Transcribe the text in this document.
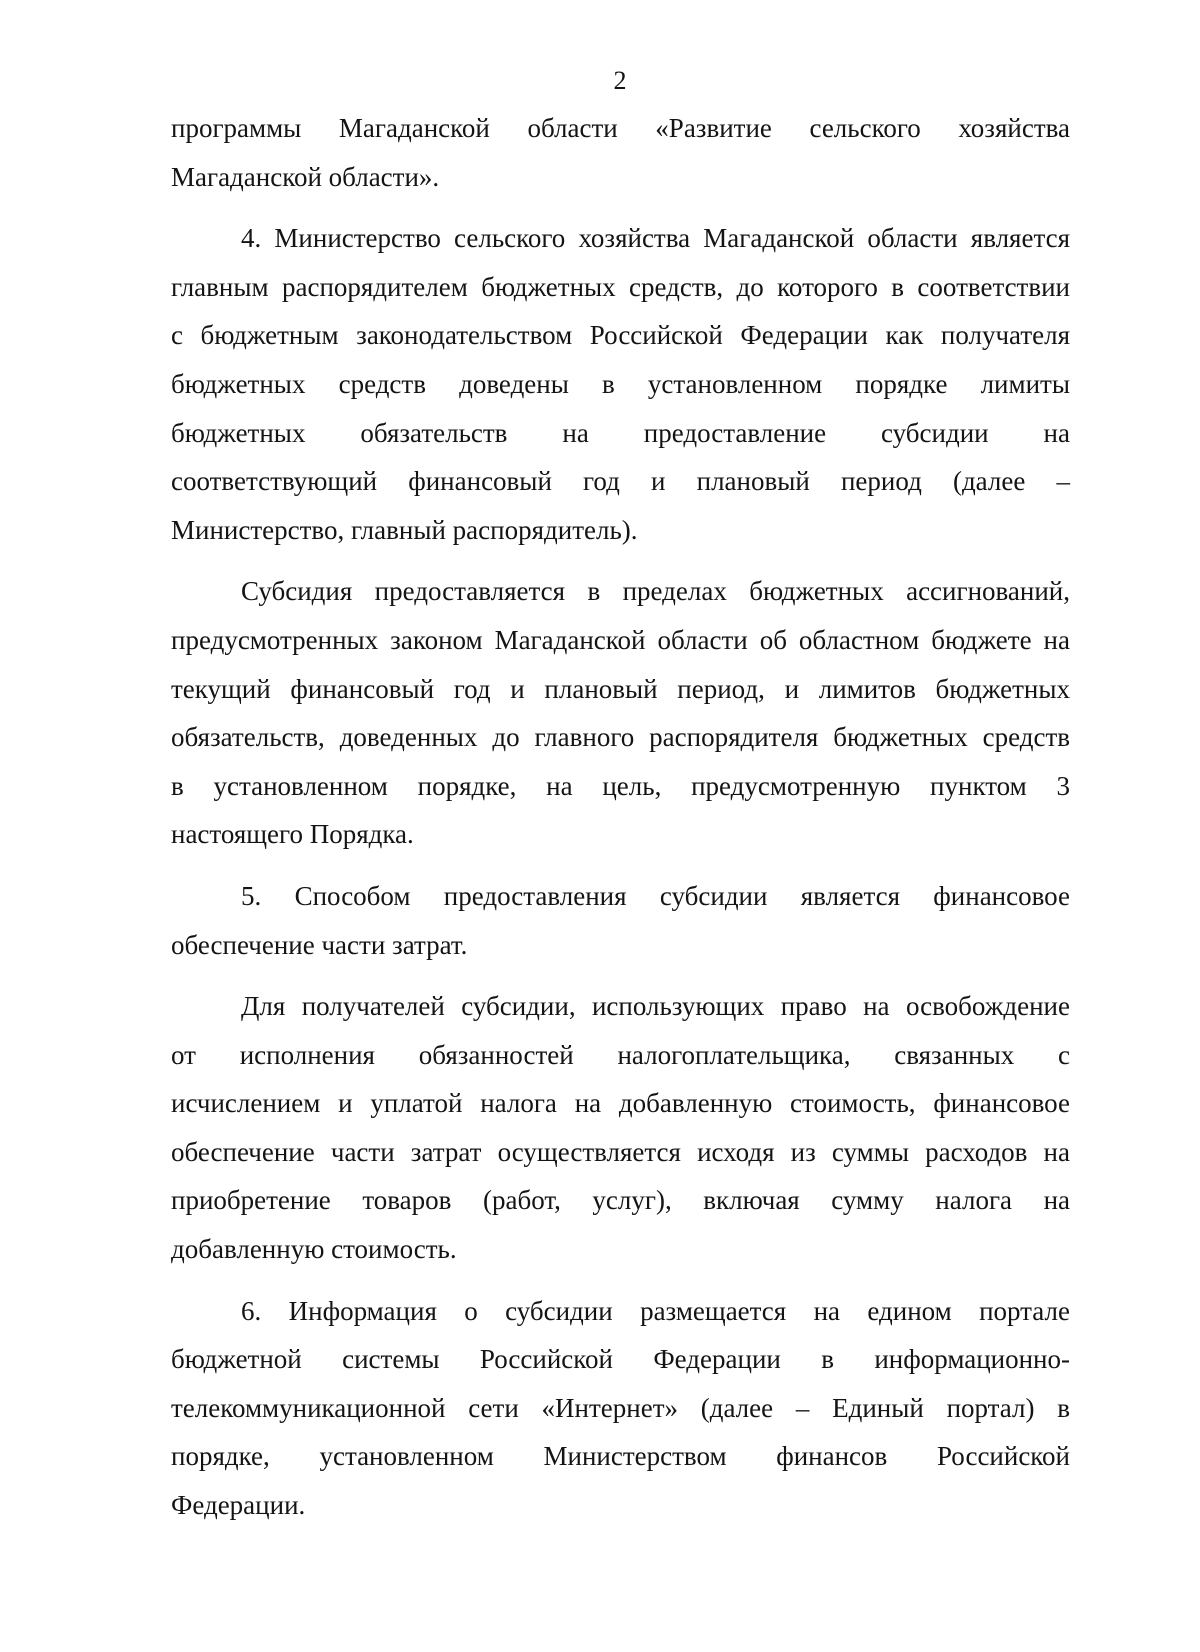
2
программы Магаданской области «Развитие сельского хозяйства
Магаданской области».
4. Министерство сельского хозяйства Магаданской области является
главным распорядителем бюджетных средств, до которого в соответствии
с бюджетным законодательством Российской Федерации как получателя
бюджетных средств доведены в установленном порядке лимиты
бюджетных обязательств на предоставление субсидии на
соответствующий финансовый год и плановый период (далее –
Министерство, главный распорядитель).
Субсидия предоставляется в пределах бюджетных ассигнований,
предусмотренных законом Магаданской области об областном бюджете на
текущий финансовый год и плановый период, и лимитов бюджетных
обязательств, доведенных до главного распорядителя бюджетных средств
в установленном порядке, на цель, предусмотренную пунктом 3
настоящего Порядка.
5. Способом предоставления субсидии является финансовое
обеспечение части затрат.
Для получателей субсидии, использующих право на освобождение
от исполнения обязанностей налогоплательщика, связанных с
исчислением и уплатой налога на добавленную стоимость, финансовое
обеспечение части затрат осуществляется исходя из суммы расходов на
приобретение товаров (работ, услуг), включая сумму налога на
добавленную стоимость.
6. Информация о субсидии размещается на едином портале
бюджетной системы Российской Федерации в информационно-
телекоммуникационной сети «Интернет» (далее – Единый портал) в
порядке, установленном Министерством финансов Российской
Федерации.
